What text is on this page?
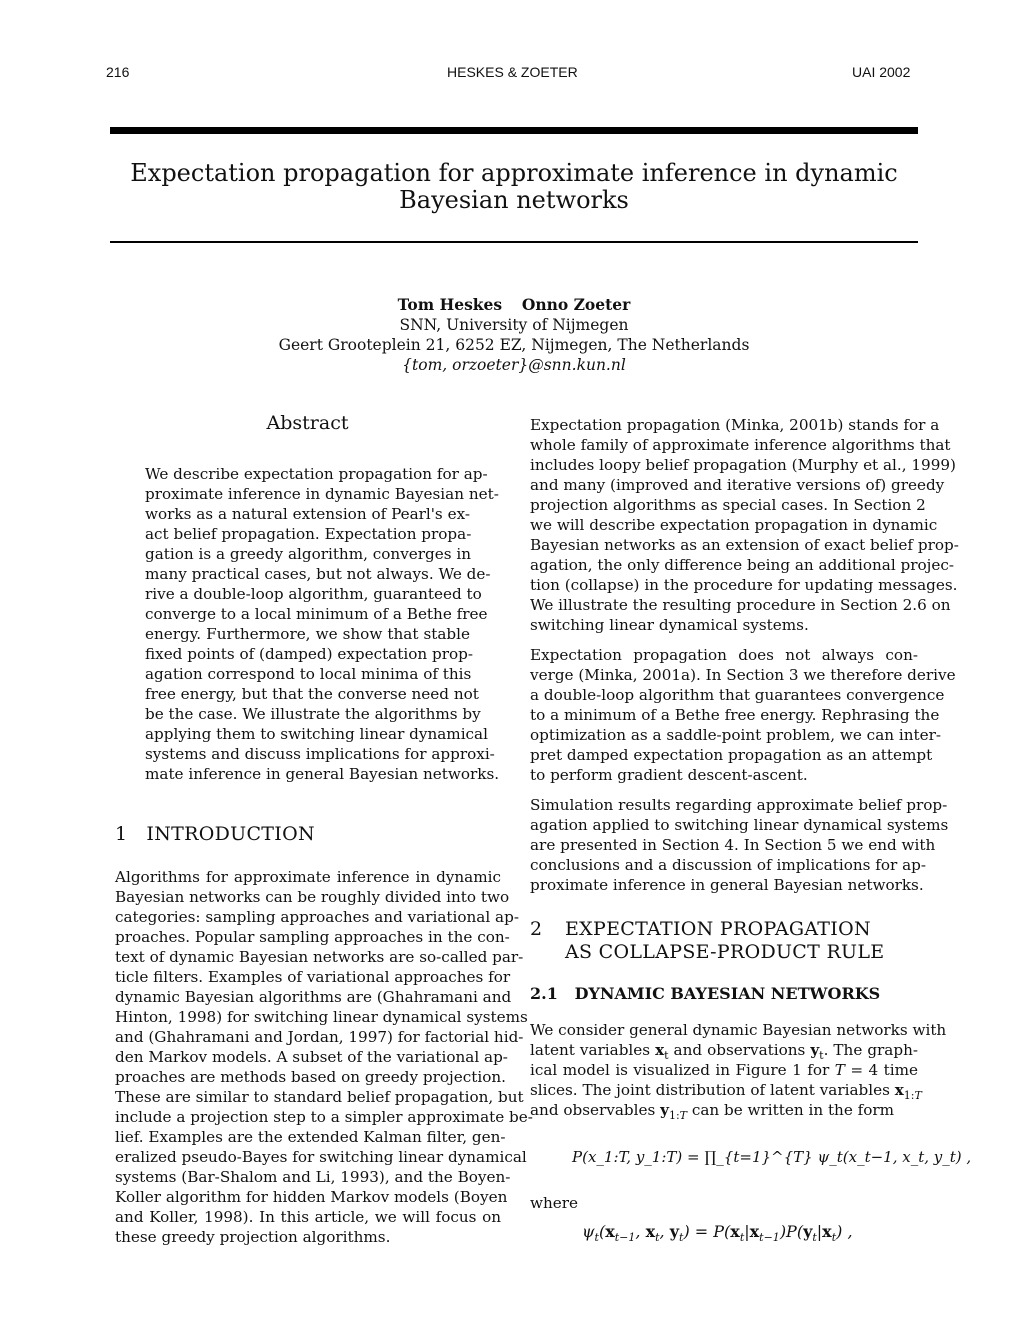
216	HESKES & ZOETER	UAI 2002
Expectation propagation for approximate inference in dynamic
Bayesian networks
Tom Heskes Onno Zoeter
SNN, University of Nijmegen
Geert Grooteplein 21, 6252 EZ, Nijmegen, The Netherlands
{tom, orzoeter}@snn.kun.nl
Abstract
We describe expectation propagation for ap-
proximate inference in dynamic Bayesian net-
works as a natural extension of Pearl's ex-
act belief propagation. Expectation propa-
gation is a greedy algorithm, converges in
many practical cases, but not always. We de-
rive a double-loop algorithm, guaranteed to
converge to a local minimum of a Bethe free
energy. Furthermore, we show that stable
fixed points of (damped) expectation prop-
agation correspond to local minima of this
free energy, but that the converse need not
be the case. We illustrate the algorithms by
applying them to switching linear dynamical
systems and discuss implications for approxi-
mate inference in general Bayesian networks.
1 INTRODUCTION
Algorithms for approximate inference in dynamic
Bayesian networks can be roughly divided into two
categories: sampling approaches and variational ap-
proaches. Popular sampling approaches in the con-
text of dynamic Bayesian networks are so-called par-
ticle filters. Examples of variational approaches for
dynamic Bayesian algorithms are (Ghahramani and
Hinton, 1998) for switching linear dynamical systems
and (Ghahramani and Jordan, 1997) for factorial hid-
den Markov models. A subset of the variational ap-
proaches are methods based on greedy projection.
These are similar to standard belief propagation, but
include a projection step to a simpler approximate be-
lief. Examples are the extended Kalman filter, gen-
eralized pseudo-Bayes for switching linear dynamical
systems (Bar-Shalom and Li, 1993), and the Boyen-
Koller algorithm for hidden Markov models (Boyen
and Koller, 1998). In this article, we will focus on
these greedy projection algorithms.
Expectation propagation (Minka, 2001b) stands for a
whole family of approximate inference algorithms that
includes loopy belief propagation (Murphy et al., 1999)
and many (improved and iterative versions of) greedy
projection algorithms as special cases. In Section 2
we will describe expectation propagation in dynamic
Bayesian networks as an extension of exact belief prop-
agation, the only difference being an additional projec-
tion (collapse) in the procedure for updating messages.
We illustrate the resulting procedure in Section 2.6 on
switching linear dynamical systems.
Expectation propagation does not always con-
verge (Minka, 2001a). In Section 3 we therefore derive
a double-loop algorithm that guarantees convergence
to a minimum of a Bethe free energy. Rephrasing the
optimization as a saddle-point problem, we can inter-
pret damped expectation propagation as an attempt
to perform gradient descent-ascent.
Simulation results regarding approximate belief prop-
agation applied to switching linear dynamical systems
are presented in Section 4. In Section 5 we end with
conclusions and a discussion of implications for ap-
proximate inference in general Bayesian networks.
2 EXPECTATION PROPAGATION
AS COLLAPSE-PRODUCT RULE
2.1 DYNAMIC BAYESIAN NETWORKS
We consider general dynamic Bayesian networks with
latent variables $x_t$ and observations $y_t$. The graph-
ical model is visualized in Figure 1 for T = 4 time
slices. The joint distribution of latent variables $x_{1:T}$
and observables $y_{1:T}$ can be written in the form
P(x_1:T, y_1:T) = ∏_{t=1}^{T} ψ_t(x_t−1, x_t, y_t) ,
where
$\psi_t(x_{t-1}$, $x_t$, $y_t) = P(x_t|x_{t-1})P(y_t|x_t)$ ,
